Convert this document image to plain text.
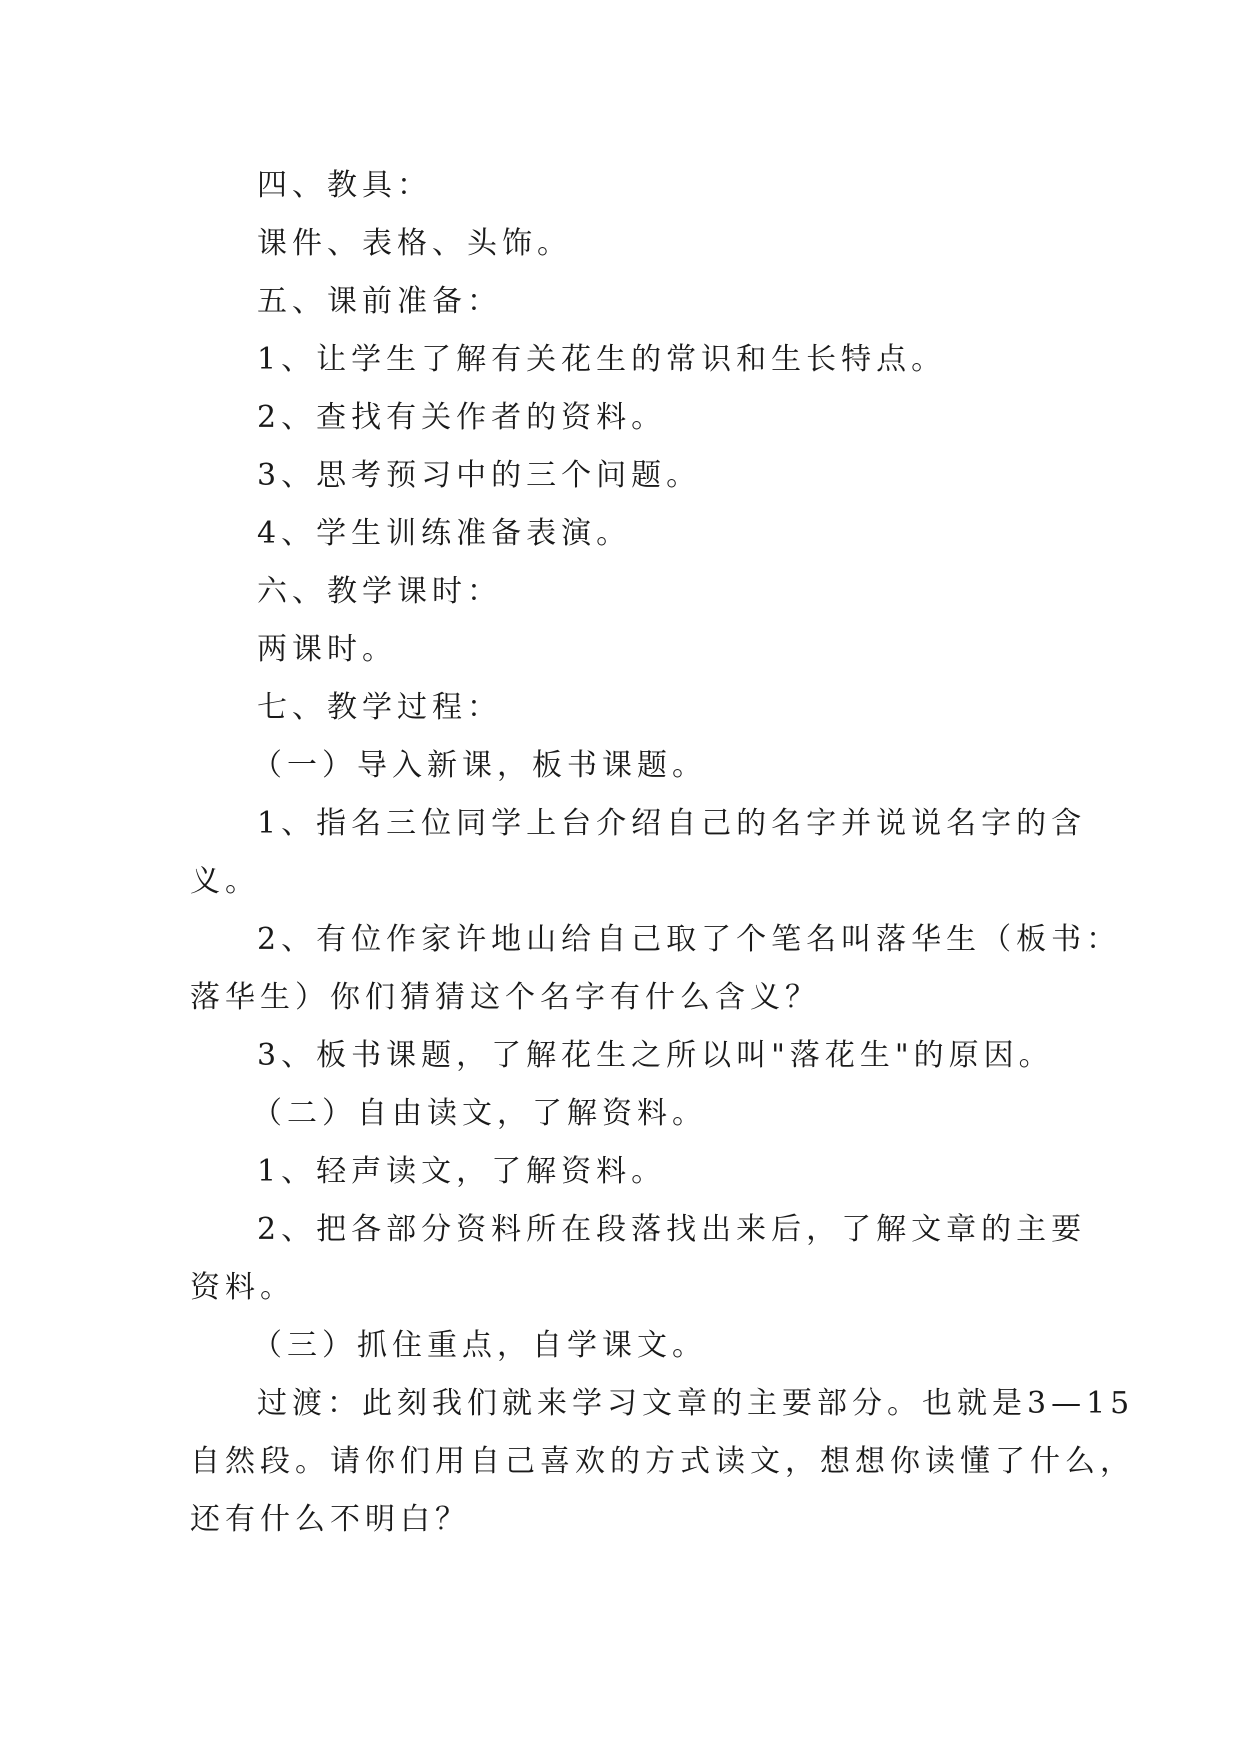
四、教具：
课件、表格、头饰。
五、课前准备：
1、让学生了解有关花生的常识和生长特点。
2、查找有关作者的资料。
3、思考预习中的三个问题。
4、学生训练准备表演。
六、教学课时：
两课时。
七、教学过程：
（一）导入新课，板书课题。
1、指名三位同学上台介绍自己的名字并说说名字的含
义。
2、有位作家许地山给自己取了个笔名叫落华生（板书：
落华生）你们猜猜这个名字有什么含义？
3、板书课题，了解花生之所以叫"落花生"的原因。
（二）自由读文，了解资料。
1、轻声读文，了解资料。
2、把各部分资料所在段落找出来后，了解文章的主要
资料。
（三）抓住重点，自学课文。
过渡：此刻我们就来学习文章的主要部分。也就是3—15
自然段。请你们用自己喜欢的方式读文，想想你读懂了什么，
还有什么不明白？
